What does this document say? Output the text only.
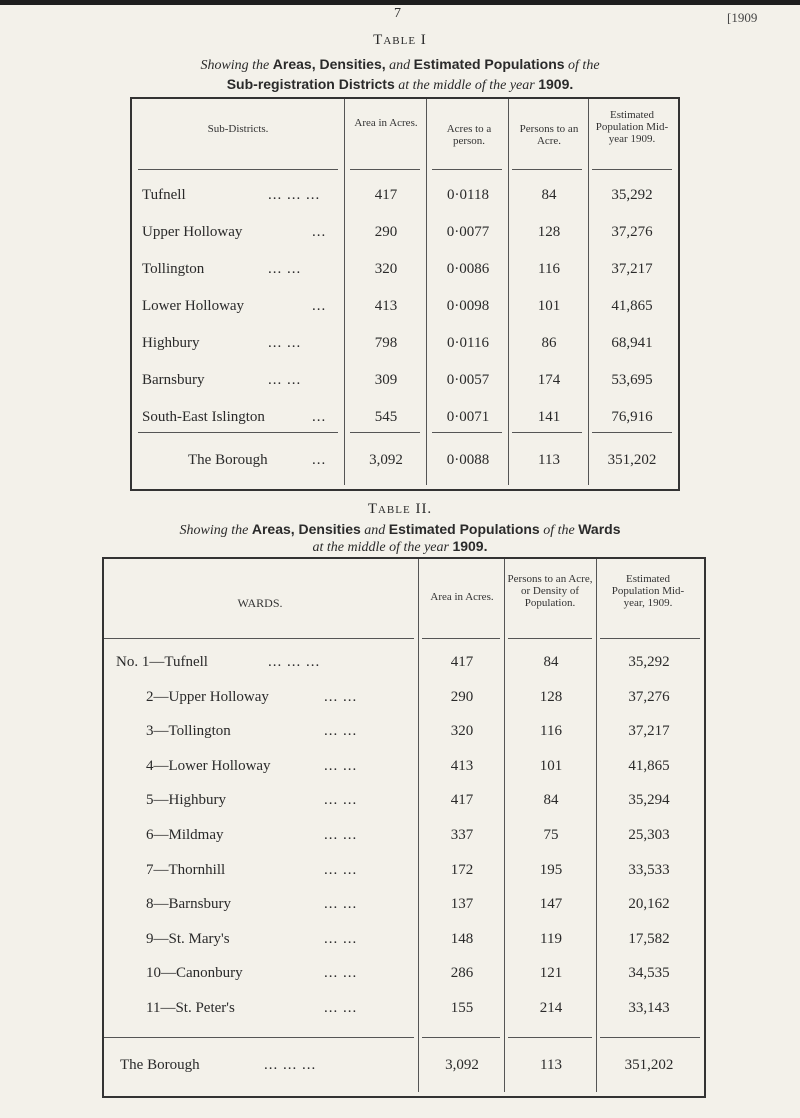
7	[1909
Table I
Showing the Areas, Densities, and Estimated Populations of the
Sub-registration Districts at the middle of the year 1909.
Sub-Districts.	Area in Acres.	Acres to a person.
Persons to an Acre.
Estimated Population Mid-year 1909.
Tufnell	... ... ...	417	0·0118	84	35,292
Upper Holloway	...	290	0·0077	128	37,276
Tollington	... ...	320	0·0086	116	37,217
Lower Holloway	...	413	0·0098	101	41,865
Highbury	... ...	798	0·0116	86	68,941
Barnsbury	... ...	309	0·0057	174	53,695
South-East Islington	...	545	0·0071	141	76,916
The Borough	...	3,092	0·0088	113	351,202
Table II.
Showing the Areas, Densities and Estimated Populations of the Wards
at the middle of the year 1909.
WARDS.	Area in Acres.
Persons to an Acre, or Density of Population.
Estimated Population Mid-year, 1909.
No. 1—Tufnell	... ... ...	417	84	35,292
2—Upper Holloway	... ...	290	128	37,276
3—Tollington	... ...	320	116	37,217
4—Lower Holloway	... ...	413	101	41,865
5—Highbury	... ...	417	84	35,294
6—Mildmay	... ...	337	75	25,303
7—Thornhill	... ...	172	195	33,533
8—Barnsbury	... ...	137	147	20,162
9—St. Mary's	... ...	148	119	17,582
10—Canonbury	... ...	286	121	34,535
11—St. Peter's	... ...	155	214	33,143
The Borough	... ... ...	3,092	113	351,202
